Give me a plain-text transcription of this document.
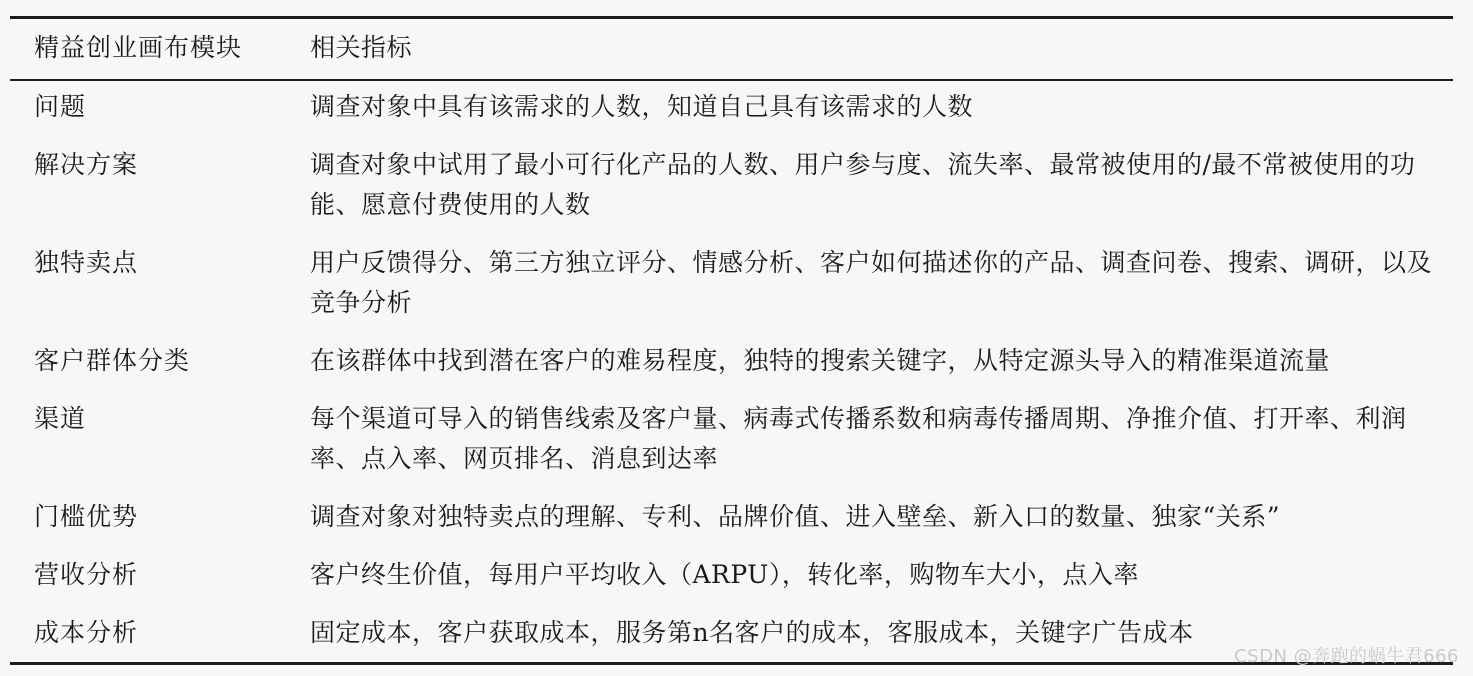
精益创业画布模块	相关指标
问题	调查对象中具有该需求的人数，知道自己具有该需求的人数
解决方案	调查对象中试用了最小可行化产品的人数、用户参与度、流失率、最常被使用的/最不常被使用的功能、愿意付费使用的人数
独特卖点	用户反馈得分、第三方独立评分、情感分析、客户如何描述你的产品、调查问卷、搜索、调研，以及竞争分析
客户群体分类	在该群体中找到潜在客户的难易程度，独特的搜索关键字，从特定源头导入的精准渠道流量
渠道	每个渠道可导入的销售线索及客户量、病毒式传播系数和病毒传播周期、净推介值、打开率、利润率、点入率、网页排名、消息到达率
门槛优势	调查对象对独特卖点的理解、专利、品牌价值、进入壁垒、新入口的数量、独家“关系”
营收分析	客户终生价值，每用户平均收入（ARPU），转化率，购物车大小，点入率
成本分析	固定成本，客户获取成本，服务第n名客户的成本，客服成本，关键字广告成本
CSDN @奔跑的蜗牛君666
